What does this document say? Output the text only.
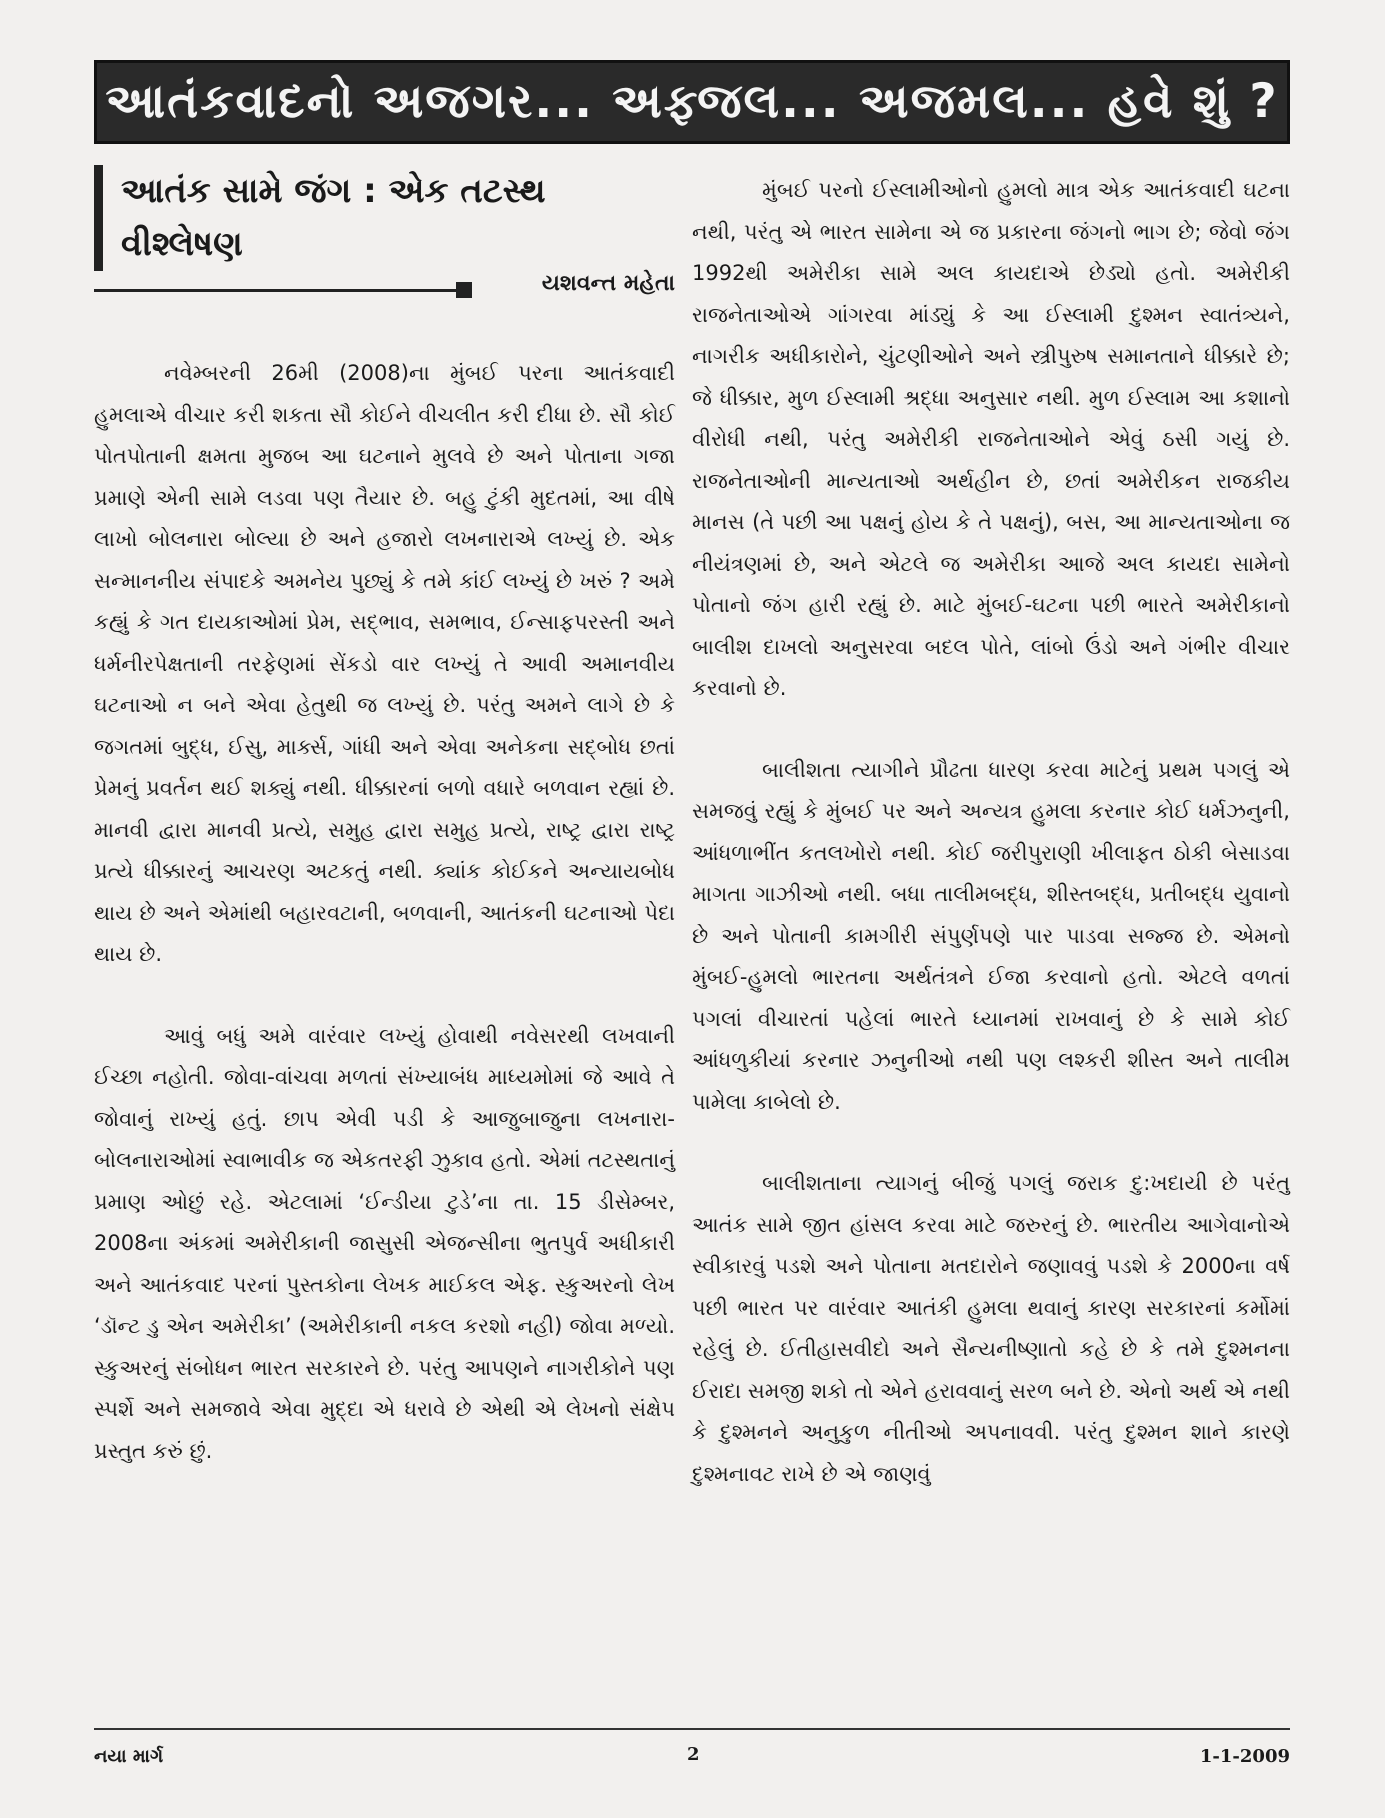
આતંકવાદનો અજગર... અફ્જલ... અજમલ... હવે શું ?
આતંક સામે જંગ : એક તટસ્થ વીશ્લેષણ
યશવન્ત મહેતા

નવેમ્બરની 26મી (2008)ના મુંબઈ પરના આતંકવાદી હુમલાએ વીચાર કરી શકતા સૌ કોઈને વીચલીત કરી દીધા છે. સૌ કોઈ પોતપોતાની ક્ષમતા મુજબ આ ઘટનાને મુલવે છે અને પોતાના ગજા પ્રમાણે એની સામે લડવા પણ તૈયાર છે. બહુ ટુંકી મુદતમાં, આ વીષે લાખો બોલનારા બોલ્યા છે અને હજારો લખનારાએ લખ્યું છે. એક સન્માનનીય સંપાદકે અમનેય પુછ્યું કે તમે કાંઈ લખ્યું છે ખરું ? અમે કહ્યું કે ગત દાયકાઓમાં પ્રેમ, સદ્‌ભાવ, સમભાવ, ઈન્સાફપરસ્તી અને ધર્મનીરપેક્ષતાની તરફેણમાં સેંકડો વાર લખ્યું તે આવી અમાનવીય ઘટનાઓ ન બને એવા હેતુથી જ લખ્યું છે. પરંતુ અમને લાગે છે કે જગતમાં બુદ્ધ, ઈસુ, માર્ક્સ, ગાંધી અને એવા અનેકના સદ્‌બોધ છતાં પ્રેમનું પ્રવર્તન થઈ શક્યું નથી. ધીક્કારનાં બળો વધારે બળવાન રહ્યાં છે. માનવી દ્વારા માનવી પ્રત્યે, સમુહ દ્વારા સમુહ પ્રત્યે, રાષ્ટ્ર દ્વારા રાષ્ટ્ર પ્રત્યે ધીક્કારનું આચરણ અટકતું નથી. ક્યાંક કોઈકને અન્યાયબોધ થાય છે અને એમાંથી બહારવટાની, બળવાની, આતંકની ઘટનાઓ પેદા થાય છે.

આવું બધું અમે વારંવાર લખ્યું હોવાથી નવેસરથી લખવાની ઈચ્છા નહોતી. જોવા-વાંચવા મળતાં સંખ્યાબંધ માધ્યમોમાં જે આવે તે જોવાનું રાખ્યું હતું. છાપ એવી પડી કે આજુબાજુના લખનારા-બોલનારાઓમાં સ્વાભાવીક જ એકતરફી ઝુકાવ હતો. એમાં તટસ્થતાનું પ્રમાણ ઓછું રહે. એટલામાં ‘ઈન્ડીયા ટુડે’ના તા. 15 ડીસેમ્બર, 2008ના અંકમાં અમેરીકાની જાસુસી એજન્સીના ભુતપુર્વ અધીકારી અને આતંકવાદ પરનાં પુસ્તકોના લેખક માઈકલ એફ. સ્કુઅરનો લેખ ‘ડૉન્ટ ડુ એન અમેરીકા’ (અમેરીકાની નકલ કરશો નહી) જોવા મળ્યો. સ્કુઅરનું સંબોધન ભારત સરકારને છે. પરંતુ આપણને નાગરીકોને પણ સ્પર્શે અને સમજાવે એવા મુદ્દા એ ધરાવે છે એથી એ લેખનો સંક્ષેપ પ્રસ્તુત કરું છું.

મુંબઈ પરનો ઈસ્લામીઓનો હુમલો માત્ર એક આતંકવાદી ઘટના નથી, પરંતુ એ ભારત સામેના એ જ પ્રકારના જંગનો ભાગ છે; જેવો જંગ 1992થી અમેરીકા સામે અલ કાયદાએ છેડ્યો હતો. અમેરીકી રાજનેતાઓએ ગાંગરવા માંડ્યું કે આ ઈસ્લામી દુશ્મન સ્વાતંત્ર્યને, નાગરીક અધીકારોને, ચુંટણીઓને અને સ્ત્રીપુરુષ સમાનતાને ધીક્કારે છે; જે ધીક્કાર, મુળ ઈસ્લામી શ્રદ્ધા અનુસાર નથી. મુળ ઈસ્લામ આ કશાનો વીરોધી નથી, પરંતુ અમેરીકી રાજનેતાઓને એવું ઠસી ગયું છે. રાજનેતાઓની માન્યતાઓ અર્થહીન છે, છતાં અમેરીકન રાજકીય માનસ (તે પછી આ પક્ષનું હોય કે તે પક્ષનું), બસ, આ માન્યતાઓના જ નીયંત્રણમાં છે, અને એટલે જ અમેરીકા આજે અલ કાયદા સામેનો પોતાનો જંગ હારી રહ્યું છે. માટે મુંબઈ-ઘટના પછી ભારતે અમેરીકાનો બાલીશ દાખલો અનુસરવા બદલ પોતે, લાંબો ઉંડો અને ગંભીર વીચાર કરવાનો છે.

બાલીશતા ત્યાગીને પ્રૌઢતા ધારણ કરવા માટેનું પ્રથમ પગલું એ સમજવું રહ્યું કે મુંબઈ પર અને અન્યત્ર હુમલા કરનાર કોઈ ધર્મઝનુની, આંધળાભીંત કતલખોરો નથી. કોઈ જરીપુરાણી ખીલાફત ઠોકી બેસાડવા માગતા ગાઝીઓ નથી. બધા તાલીમબદ્ધ, શીસ્તબદ્ધ, પ્રતીબદ્ધ યુવાનો છે અને પોતાની કામગીરી સંપુર્ણપણે પાર પાડવા સજ્જ છે. એમનો મુંબઈ-હુમલો ભારતના અર્થતંત્રને ઈજા કરવાનો હતો. એટલે વળતાં પગલાં વીચારતાં પહેલાં ભારતે ધ્યાનમાં રાખવાનું છે કે સામે કોઈ આંધળુકીયાં કરનાર ઝનુનીઓ નથી પણ લશ્કરી શીસ્ત અને તાલીમ પામેલા કાબેલો છે.

બાલીશતાના ત્યાગનું બીજું પગલું જરાક દુ:ખદાયી છે પરંતુ આતંક સામે જીત હાંસલ કરવા માટે જરુરનું છે. ભારતીય આગેવાનોએ સ્વીકારવું પડશે અને પોતાના મતદારોને જણાવવું પડશે કે 2000ના વર્ષ પછી ભારત પર વારંવાર આતંકી હુમલા થવાનું કારણ સરકારનાં કર્મોમાં રહેલું છે. ઈતીહાસવીદો અને સૈન્યનીષ્ણાતો કહે છે કે તમે દુશ્મનના ઈરાદા સમજી શકો તો એને હરાવવાનું સરળ બને છે. એનો અર્થ એ નથી કે દુશ્મનને અનુકુળ નીતીઓ અપનાવવી. પરંતુ દુશ્મન શાને કારણે દુશ્મનાવટ રાખે છે એ જાણવું

નયા માર્ગ	2	1-1-2009
